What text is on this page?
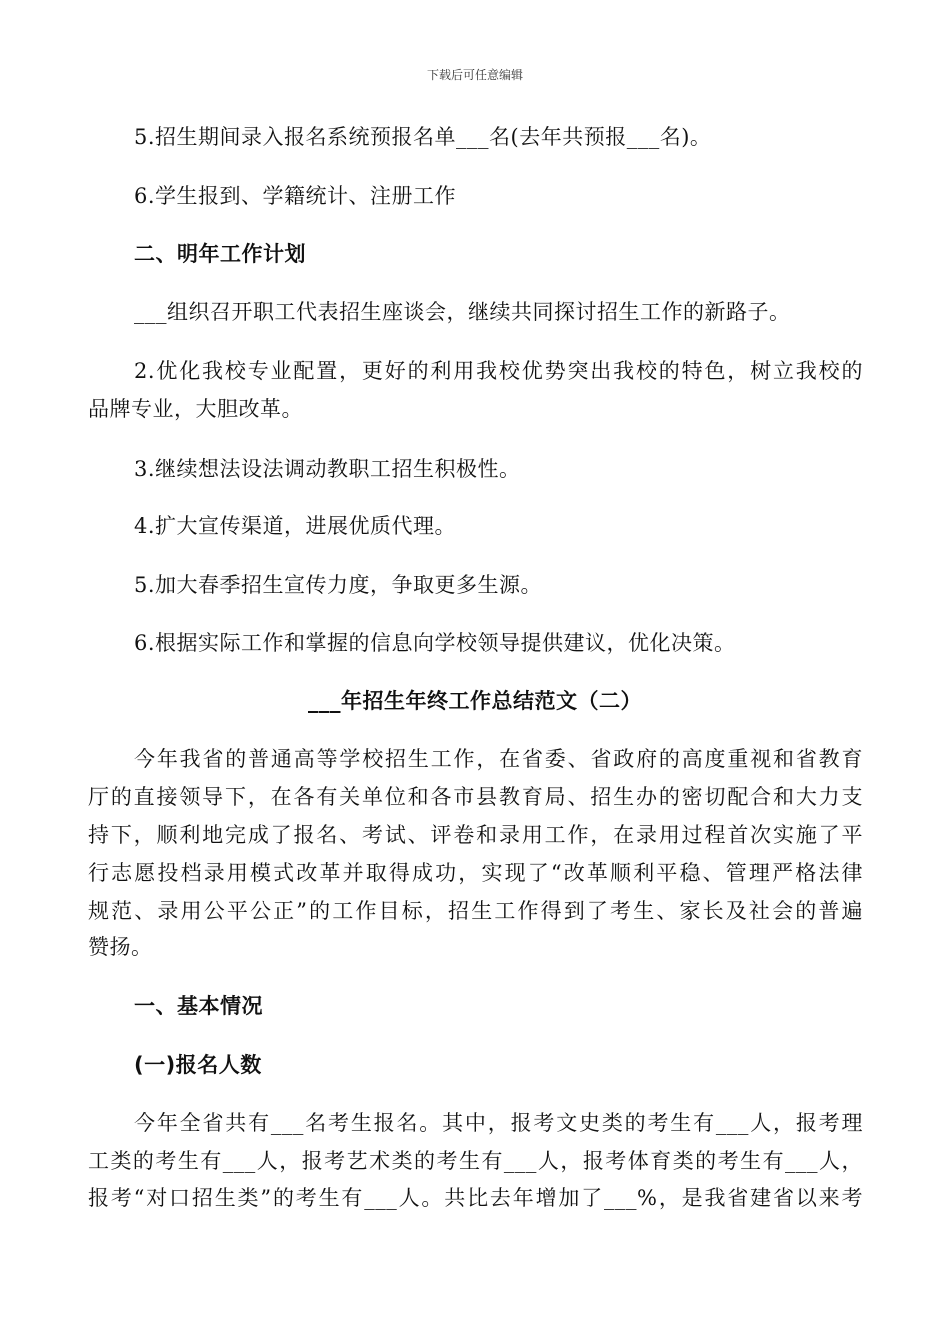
下载后可任意编辑

5.招生期间录入报名系统预报名单___名(去年共预报___名)。

6.学生报到、学籍统计、注册工作

二、明年工作计划

___组织召开职工代表招生座谈会，继续共同探讨招生工作的新路子。

2.优化我校专业配置，更好的利用我校优势突出我校的特色，树立我校的

品牌专业，大胆改革。

3.继续想法设法调动教职工招生积极性。

4.扩大宣传渠道，进展优质代理。

5.加大春季招生宣传力度，争取更多生源。

6.根据实际工作和掌握的信息向学校领导提供建议，优化决策。

___年招生年终工作总结范文（二）

今年我省的普通高等学校招生工作，在省委、省政府的高度重视和省教育

厅的直接领导下，在各有关单位和各市县教育局、招生办的密切配合和大力支

持下，顺利地完成了报名、考试、评卷和录用工作，在录用过程首次实施了平

行志愿投档录用模式改革并取得成功，实现了“改革顺利平稳、管理严格法律

规范、录用公平公正”的工作目标，招生工作得到了考生、家长及社会的普遍

赞扬。

一、基本情况

(一)报名人数

今年全省共有___名考生报名。其中，报考文史类的考生有___人，报考理

工类的考生有___人，报考艺术类的考生有___人，报考体育类的考生有___人，

报考“对口招生类”的考生有___人。共比去年增加了___%，是我省建省以来考
